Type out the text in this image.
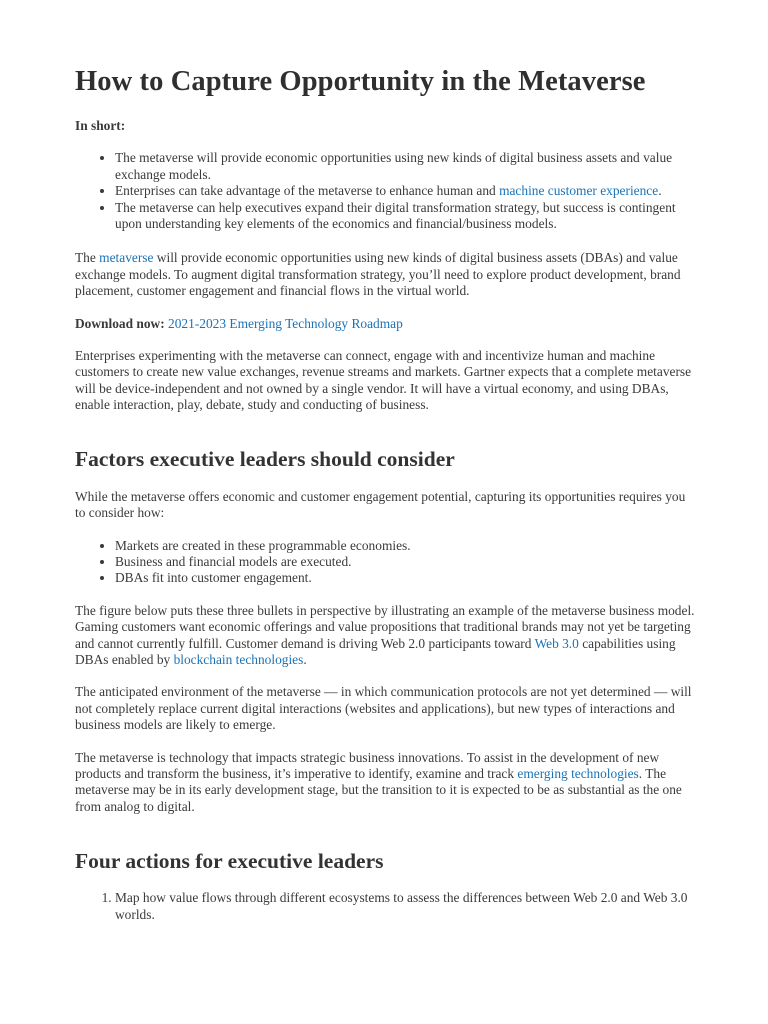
How to Capture Opportunity in the Metaverse

In short:

• The metaverse will provide economic opportunities using new kinds of digital business assets and value exchange models.
• Enterprises can take advantage of the metaverse to enhance human and machine customer experience.
• The metaverse can help executives expand their digital transformation strategy, but success is contingent upon understanding key elements of the economics and financial/business models.

The metaverse will provide economic opportunities using new kinds of digital business assets (DBAs) and value exchange models. To augment digital transformation strategy, you’ll need to explore product development, brand placement, customer engagement and financial flows in the virtual world.

Download now: 2021-2023 Emerging Technology Roadmap

Enterprises experimenting with the metaverse can connect, engage with and incentivize human and machine customers to create new value exchanges, revenue streams and markets. Gartner expects that a complete metaverse will be device-independent and not owned by a single vendor. It will have a virtual economy, and using DBAs, enable interaction, play, debate, study and conducting of business.

Factors executive leaders should consider

While the metaverse offers economic and customer engagement potential, capturing its opportunities requires you to consider how:

• Markets are created in these programmable economies.
• Business and financial models are executed.
• DBAs fit into customer engagement.

The figure below puts these three bullets in perspective by illustrating an example of the metaverse business model. Gaming customers want economic offerings and value propositions that traditional brands may not yet be targeting and cannot currently fulfill. Customer demand is driving Web 2.0 participants toward Web 3.0 capabilities using DBAs enabled by blockchain technologies.

The anticipated environment of the metaverse — in which communication protocols are not yet determined — will not completely replace current digital interactions (websites and applications), but new types of interactions and business models are likely to emerge.

The metaverse is technology that impacts strategic business innovations. To assist in the development of new products and transform the business, it’s imperative to identify, examine and track emerging technologies. The metaverse may be in its early development stage, but the transition to it is expected to be as substantial as the one from analog to digital.

Four actions for executive leaders
1. Map how value flows through different ecosystems to assess the differences between Web 2.0 and Web 3.0 worlds.
